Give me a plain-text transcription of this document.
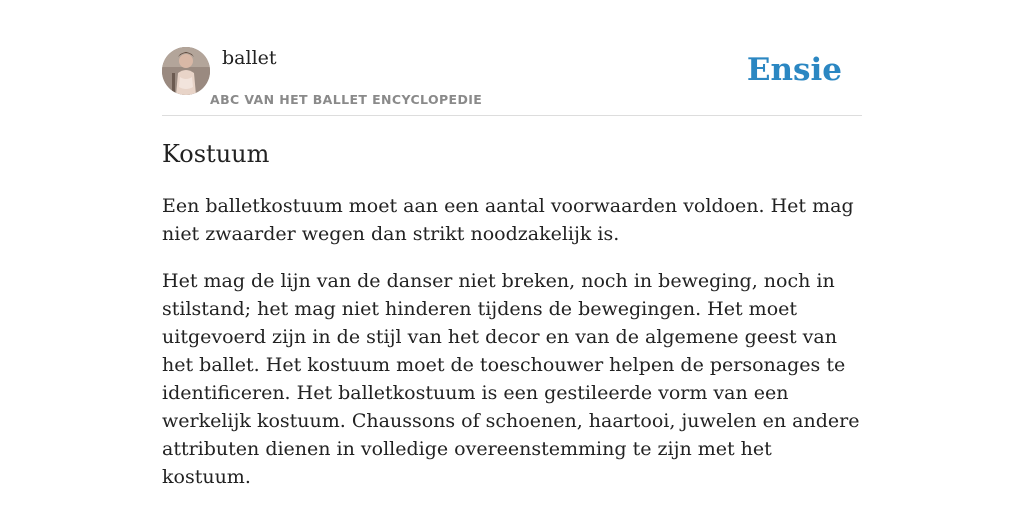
ballet
ABC VAN HET BALLET ENCYCLOPEDIE
Ensie
Kostuum

Een balletkostuum moet aan een aantal voorwaarden voldoen. Het mag niet zwaarder wegen dan strikt noodzakelijk is.

Het mag de lijn van de danser niet breken, noch in beweging, noch in stilstand; het mag niet hinderen tijdens de bewegingen. Het moet uitgevoerd zijn in de stijl van het decor en van de algemene geest van het ballet. Het kostuum moet de toeschouwer helpen de personages te identificeren. Het balletkostuum is een gestileerde vorm van een werkelijk kostuum. Chaussons of schoenen, haartooi, juwelen en andere attributen dienen in volledige overeenstemming te zijn met het kostuum.
